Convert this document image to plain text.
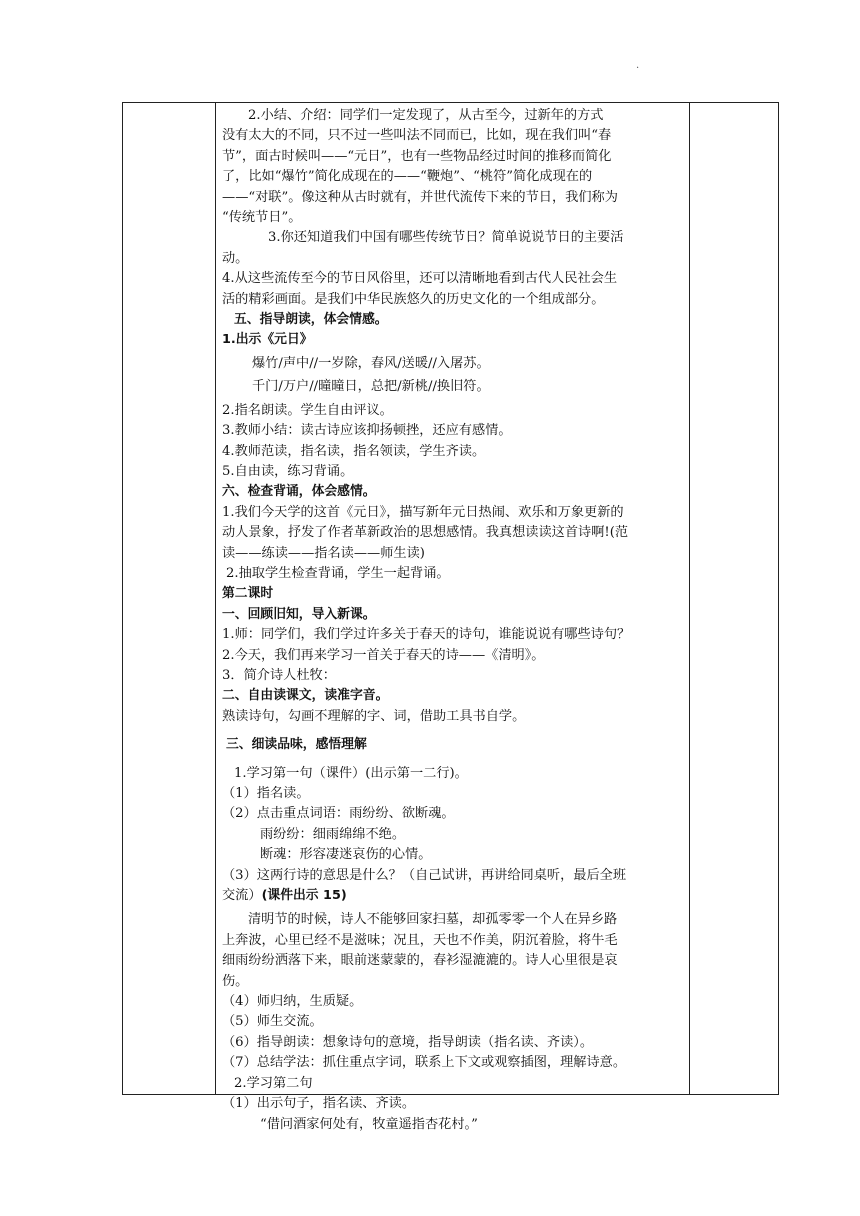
.

2.小结、介绍：同学们一定发现了，从古至今，过新年的方式

没有太大的不同，只不过一些叫法不同而已，比如，现在我们叫“春

节”，面古时候叫——“元日”，也有一些物品经过时间的推移而简化

了，比如“爆竹”简化成现在的——“鞭炮”、“桃符”简化成现在的

——“对联”。像这种从古时就有，并世代流传下来的节日，我们称为

“传统节日”。

3.你还知道我们中国有哪些传统节日？简单说说节日的主要活

动。

4.从这些流传至今的节日风俗里，还可以清晰地看到古代人民社会生

活的精彩画面。是我们中华民族悠久的历史文化的一个组成部分。

五、指导朗读，体会情感。

1.出示《元日》

爆竹/声中//一岁除，春风/送暖//入屠苏。

千门/万户//曈曈日，总把/新桃//换旧符。

2.指名朗读。学生自由评议。

3.教师小结：读古诗应该抑扬顿挫，还应有感情。

4.教师范读，指名读，指名领读，学生齐读。

5.自由读，练习背诵。

六、检查背诵，体会感情。

1.我们今天学的这首《元日》，描写新年元日热闹、欢乐和万象更新的

动人景象，抒发了作者革新政治的思想感情。我真想读读这首诗啊!(范

读——练读——指名读——师生读)

2.抽取学生检查背诵，学生一起背诵。

第二课时

一、回顾旧知，导入新课。

1.师：同学们，我们学过许多关于春天的诗句，谁能说说有哪些诗句？

2.今天，我们再来学习一首关于春天的诗——《清明》。

3．简介诗人杜牧：

二、自由读课文，读准字音。

熟读诗句，勾画不理解的字、词，借助工具书自学。

三、细读品味，感悟理解

1.学习第一句（课件）(出示第一二行)。

（1）指名读。

（2）点击重点词语：雨纷纷、欲断魂。

雨纷纷：细雨绵绵不绝。

断魂：形容凄迷哀伤的心情。

（3）这两行诗的意思是什么？（自己试讲，再讲给同桌听，最后全班

交流）(课件出示 15)

清明节的时候，诗人不能够回家扫墓，却孤零零一个人在异乡路

上奔波，心里已经不是滋味；况且，天也不作美，阴沉着脸，将牛毛

细雨纷纷洒落下来，眼前迷蒙蒙的，春衫湿漉漉的。诗人心里很是哀

伤。

（4）师归纳，生质疑。

（5）师生交流。

（6）指导朗读：想象诗句的意境，指导朗读（指名读、齐读）。

（7）总结学法：抓住重点字词，联系上下文或观察插图，理解诗意。

2.学习第二句

（1）出示句子，指名读、齐读。

“借问酒家何处有，牧童遥指杏花村。”
